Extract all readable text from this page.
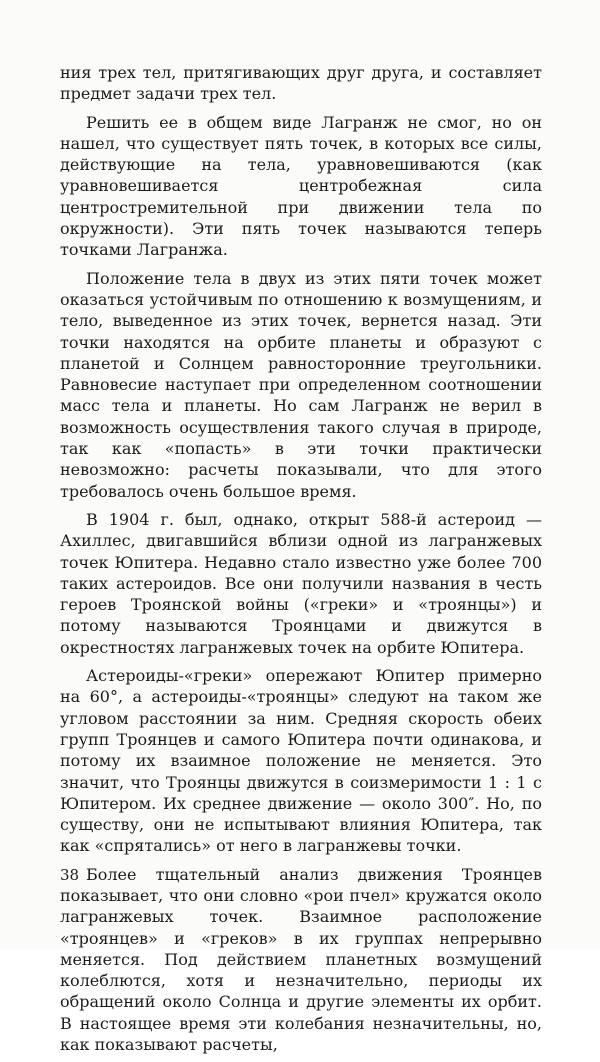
ния трех тел, притягивающих друг друга, и составляет предмет задачи трех тел.

Решить ее в общем виде Лагранж не смог, но он нашел, что существует пять точек, в которых все силы, действующие на тела, уравновешиваются (как уравновешивается центробежная сила центростремительной при движении тела по окружности). Эти пять точек называются теперь точками Лагранжа.

Положение тела в двух из этих пяти точек может оказаться устойчивым по отношению к возмущениям, и тело, выведенное из этих точек, вернется назад. Эти точки находятся на орбите планеты и образуют с планетой и Солнцем равносторонние треугольники. Равновесие наступает при определенном соотношении масс тела и планеты. Но сам Лагранж не верил в возможность осуществления такого случая в природе, так как «попасть» в эти точки практически невозможно: расчеты показывали, что для этого требовалось очень большое время.

В 1904 г. был, однако, открыт 588-й астероид — Ахиллес, двигавшийся вблизи одной из лагранжевых точек Юпитера. Недавно стало известно уже более 700 таких астероидов. Все они получили названия в честь героев Троянской войны («греки» и «троянцы») и потому называются Троянцами и движутся в окрестностях лагранжевых точек на орбите Юпитера.

Астероиды-«греки» опережают Юпитер примерно на 60°, а астероиды-«троянцы» следуют на таком же угловом расстоянии за ним. Средняя скорость обеих групп Троянцев и самого Юпитера почти одинакова, и потому их взаимное положение не меняется. Это значит, что Троянцы движутся в соизмеримости 1 : 1 с Юпитером. Их среднее движение — около 300″. Но, по существу, они не испытывают влияния Юпитера, так как «спрятались» от него в лагранжевы точки.

Более тщательный анализ движения Троянцев показывает, что они словно «рои пчел» кружатся около лагранжевых точек. Взаимное расположение «троянцев» и «греков» в их группах непрерывно меняется. Под действием планетных возмущений колеблются, хотя и незначительно, периоды их обращений около Солнца и другие элементы их орбит. В настоящее время эти колебания незначительны, но, как показывают расчеты,

38
